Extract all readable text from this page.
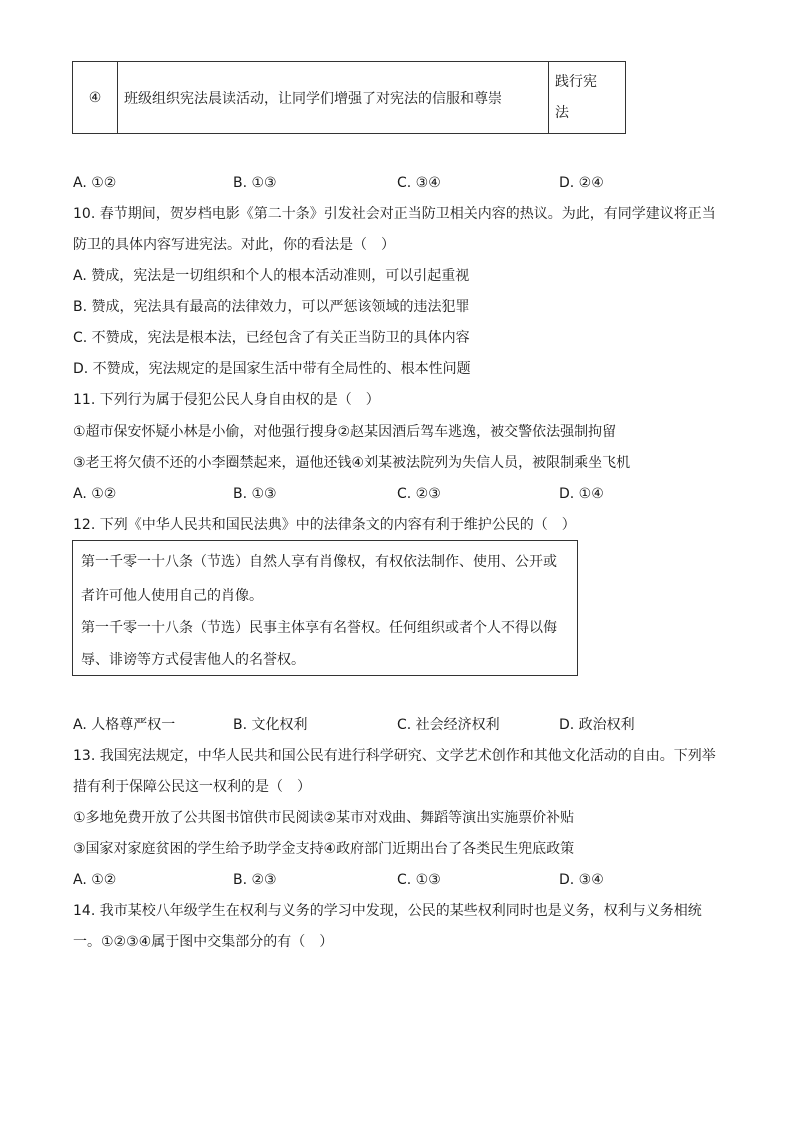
④	班级组织宪法晨读活动，让同学们增强了对宪法的信服和尊崇	
践行宪
法
A. ①②	B. ①③	C. ③④	D. ②④
10. 春节期间，贺岁档电影《第二十条》引发社会对正当防卫相关内容的热议。为此，有同学建议将正当
防卫的具体内容写进宪法。对此，你的看法是（　）
A. 赞成，宪法是一切组织和个人的根本活动准则，可以引起重视
B. 赞成，宪法具有最高的法律效力，可以严惩该领域的违法犯罪
C. 不赞成，宪法是根本法，已经包含了有关正当防卫的具体内容
D. 不赞成，宪法规定的是国家生活中带有全局性的、根本性问题
11. 下列行为属于侵犯公民人身自由权的是（　）
①超市保安怀疑小林是小偷，对他强行搜身②赵某因酒后驾车逃逸，被交警依法强制拘留
③老王将欠债不还的小李圈禁起来，逼他还钱④刘某被法院列为失信人员，被限制乘坐飞机
A. ①②	B. ①③	C. ②③	D. ①④
12. 下列《中华人民共和国民法典》中的法律条文的内容有利于维护公民的（　）
第一千零一十八条（节选）自然人享有肖像权，有权依法制作、使用、公开或
者许可他人使用自己的肖像。
第一千零一十八条（节选）民事主体享有名誉权。任何组织或者个人不得以侮
辱、诽谤等方式侵害他人的名誉权。
A. 人格尊严权一	B. 文化权利	C. 社会经济权利	D. 政治权利
13. 我国宪法规定，中华人民共和国公民有进行科学研究、文学艺术创作和其他文化活动的自由。下列举
措有利于保障公民这一权利的是（　）
①多地免费开放了公共图书馆供市民阅读②某市对戏曲、舞蹈等演出实施票价补贴
③国家对家庭贫困的学生给予助学金支持④政府部门近期出台了各类民生兜底政策
A. ①②	B. ②③	C. ①③	D. ③④
14. 我市某校八年级学生在权利与义务的学习中发现，公民的某些权利同时也是义务，权利与义务相统
一。①②③④属于图中交集部分的有（　）
